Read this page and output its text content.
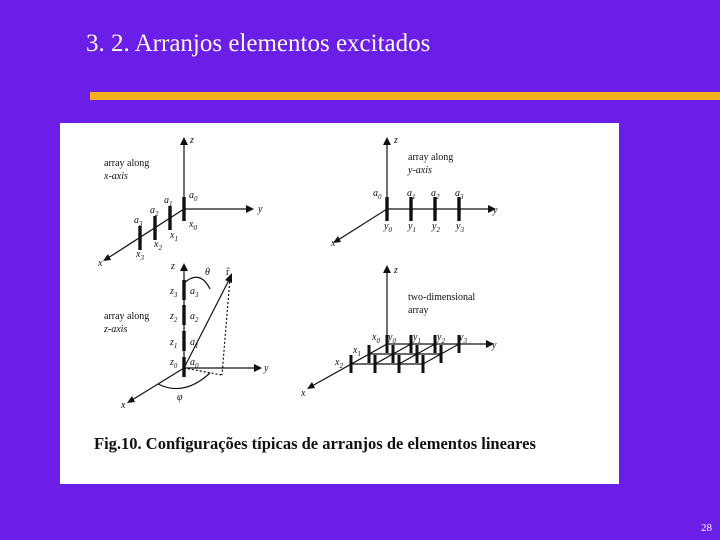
3. 2. Arranjos elementos excitados
array along
x-axis
z
y
x
$a_0$
$a_1$
$a_2$
$a_3$	$x_0$
$x_1$
$x_2$
$x_3$
array along
y-axis
z
y
x
$a_0$	$a_1$ $a_2$ $a_3$
$y_0$ $y_1$ $y_2$ $y_3$
array along
z-axis
z
y
x
θ r̂
φ
$z_3$
$z_2$
$z_1$
$z_0$
$a_3$
$a_2$
$a_1$
$a_0$
two-dimensional
array
z
y
x
$x_0$ $y_0$ $y_1$ $y_2$ $y_3$
$x_1$
$x_2$
Fig.10. Configurações típicas de arranjos de elementos lineares
28
